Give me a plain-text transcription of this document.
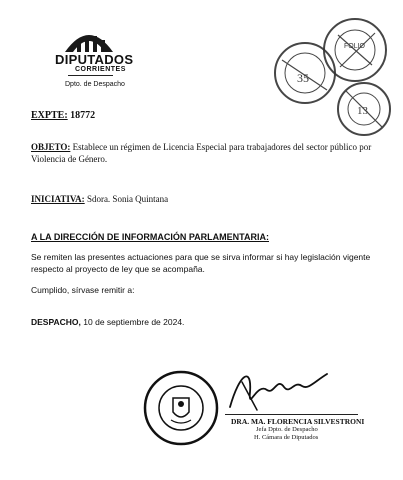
DIPUTADOS
CORRIENTES
Dpto. de Despacho	35
FOLIO
13
EXPTE: 18772
OBJETO: Establece un régimen de Licencia Especial para trabajadores del sector público por
Violencia de Género.
INICIATIVA: Sdora. Sonia Quintana
A LA DIRECCIÓN DE INFORMACIÓN PARLAMENTARIA:
Se remiten las presentes actuaciones para que se sirva informar si hay legislación vigente
respecto al proyecto de ley que se acompaña.
Cumplido, sírvase remitir a:
DESPACHO, 10 de septiembre de 2024.
DRA. MA. FLORENCIA SILVESTRONI
Jefa Dpto. de Despacho
H. Cámara de Diputados
